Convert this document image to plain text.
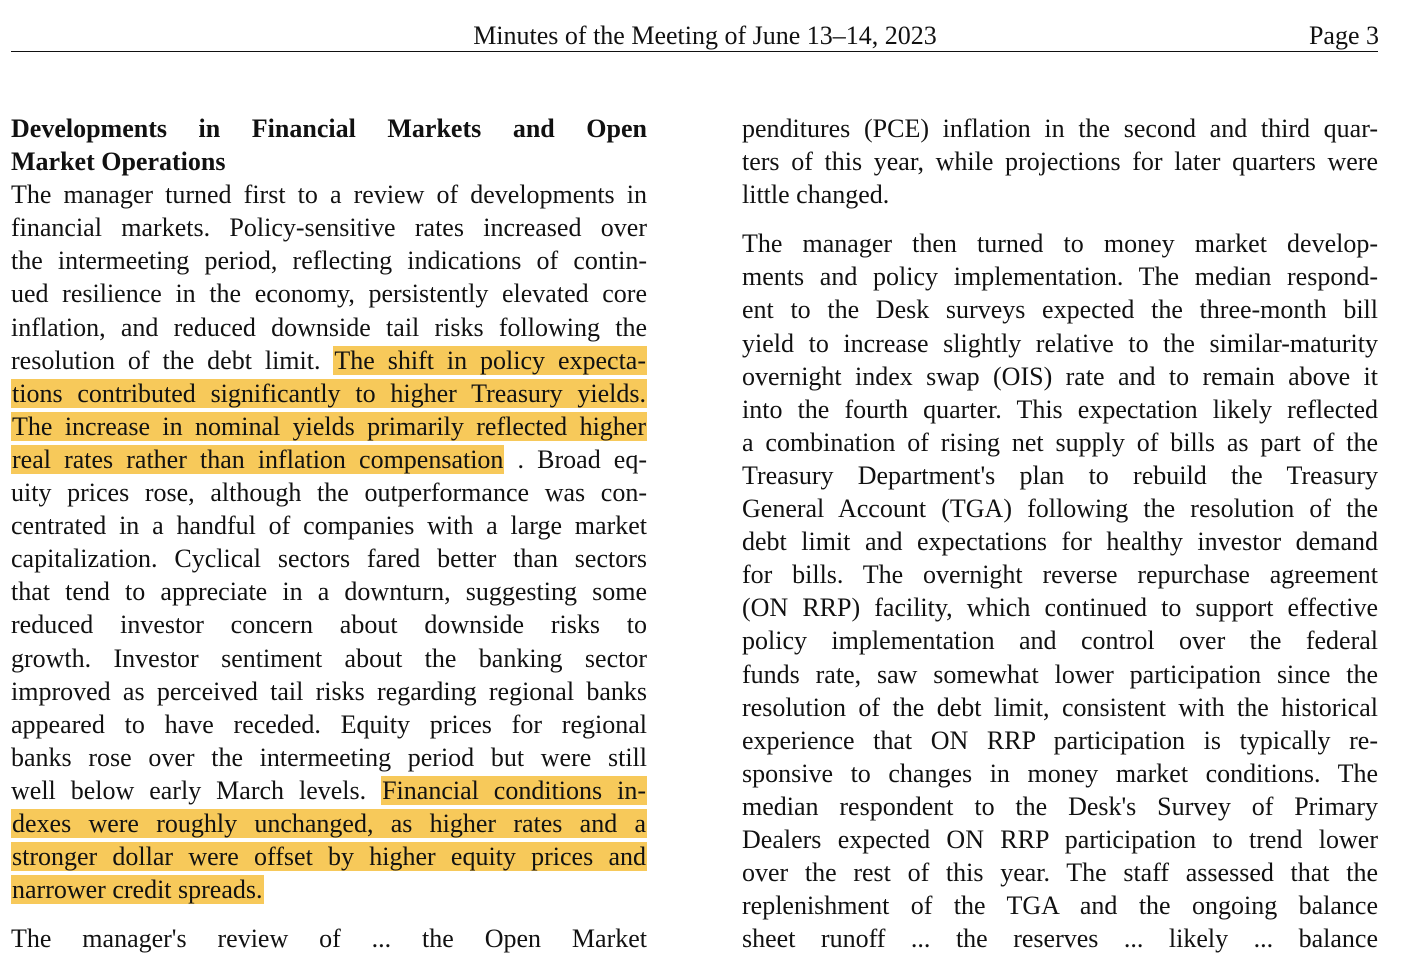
Minutes of the Meeting of June 13–14, 2023	Page 3
Developments in Financial Markets and Open
Market Operations
The manager turned first to a review of developments in
financial markets. Policy-sensitive rates increased over
the intermeeting period, reflecting indications of contin-
ued resilience in the economy, persistently elevated core
inflation, and reduced downside tail risks following the
resolution of the debt limit. The shift in policy expecta-
tions contributed significantly to higher Treasury yields.
The increase in nominal yields primarily reflected higher
real rates rather than inflation compensation . Broad eq-
uity prices rose, although the outperformance was con-
centrated in a handful of companies with a large market
capitalization. Cyclical sectors fared better than sectors
that tend to appreciate in a downturn, suggesting some
reduced investor concern about downside risks to
growth. Investor sentiment about the banking sector
improved as perceived tail risks regarding regional banks
appeared to have receded. Equity prices for regional
banks rose over the intermeeting period but were still
well below early March levels. Financial conditions in-
dexes were roughly unchanged, as higher rates and a
stronger dollar were offset by higher equity prices and
narrower credit spreads.
The manager's review of ... the Open Market
penditures (PCE) inflation in the second and third quar-
ters of this year, while projections for later quarters were
little changed.
The manager then turned to money market develop-
ments and policy implementation. The median respond-
ent to the Desk surveys expected the three-month bill
yield to increase slightly relative to the similar-maturity
overnight index swap (OIS) rate and to remain above it
into the fourth quarter. This expectation likely reflected
a combination of rising net supply of bills as part of the
Treasury Department's plan to rebuild the Treasury
General Account (TGA) following the resolution of the
debt limit and expectations for healthy investor demand
for bills. The overnight reverse repurchase agreement
(ON RRP) facility, which continued to support effective
policy implementation and control over the federal
funds rate, saw somewhat lower participation since the
resolution of the debt limit, consistent with the historical
experience that ON RRP participation is typically re-
sponsive to changes in money market conditions. The
median respondent to the Desk's Survey of Primary
Dealers expected ON RRP participation to trend lower
over the rest of this year. The staff assessed that the
replenishment of the TGA and the ongoing balance
sheet runoff ... the reserves ... likely ... balance
